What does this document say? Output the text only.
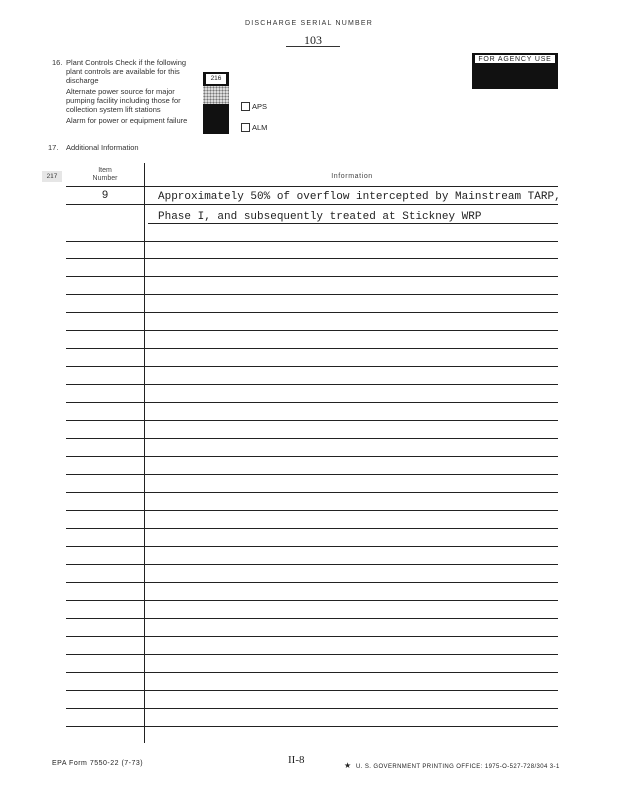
DISCHARGE SERIAL NUMBER
103
FOR AGENCY USE
16. Plant Controls Check if the following plant controls are available for this discharge
Alternate power source for major pumping facility including those for collection system lift stations
Alarm for power or equipment failure
216
APS
ALM
17. Additional Information
217
Item
Number	Information
9	Approximately 50% of overflow intercepted by Mainstream TARP,
Phase I, and subsequently treated at Stickney WRP
EPA Form 7550-22 (7-73)	II-8	★ U. S. GOVERNMENT PRINTING OFFICE: 1975-O-527-728/304 3-1
